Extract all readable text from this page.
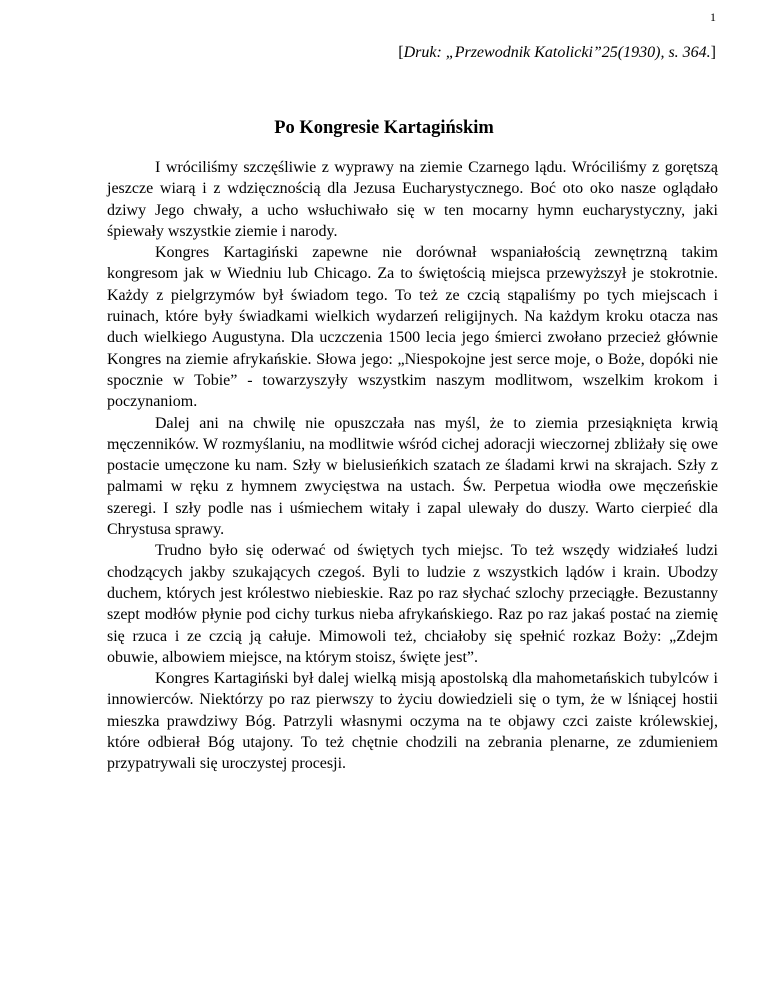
1
[Druk: „Przewodnik Katolicki”25(1930), s. 364.]
Po Kongresie Kartagińskim

I wróciliśmy szczęśliwie z wyprawy na ziemie Czarnego lądu. Wróciliśmy z gorętszą jeszcze wiarą i z wdzięcznością dla Jezusa Eucharystycznego. Boć oto oko nasze oglądało dziwy Jego chwały, a ucho wsłuchiwało się w ten mocarny hymn eucharystyczny, jaki śpiewały wszystkie ziemie i narody.

Kongres Kartagiński zapewne nie dorównał wspaniałością zewnętrzną takim kongresom jak w Wiedniu lub Chicago. Za to świętością miejsca przewyższył je stokrotnie. Każdy z pielgrzymów był świadom tego. To też ze czcią stąpaliśmy po tych miejscach i ruinach, które były świadkami wielkich wydarzeń religijnych. Na każdym kroku otacza nas duch wielkiego Augustyna. Dla uczczenia 1500 lecia jego śmierci zwołano przecież głównie Kongres na ziemie afrykańskie. Słowa jego: „Niespokojne jest serce moje, o Boże, dopóki nie spocznie w Tobie” - towarzyszyły wszystkim naszym modlitwom, wszelkim krokom i poczynaniom.

Dalej ani na chwilę nie opuszczała nas myśl, że to ziemia przesiąknięta krwią męczenników. W rozmyślaniu, na modlitwie wśród cichej adoracji wieczornej zbliżały się owe postacie umęczone ku nam. Szły w bielusieńkich szatach ze śladami krwi na skrajach. Szły z palmami w ręku z hymnem zwycięstwa na ustach. Św. Perpetua wiodła owe męczeńskie szeregi. I szły podle nas i uśmiechem witały i zapal ulewały do duszy. Warto cierpieć dla Chrystusa sprawy.

Trudno było się oderwać od świętych tych miejsc. To też wszędy widziałeś ludzi chodzących jakby szukających czegoś. Byli to ludzie z wszystkich lądów i krain. Ubodzy duchem, których jest królestwo niebieskie. Raz po raz słychać szlochy przeciągłe. Bezustanny szept modłów płynie pod cichy turkus nieba afrykańskiego. Raz po raz jakaś postać na ziemię się rzuca i ze czcią ją całuje. Mimowoli też, chciałoby się spełnić rozkaz Boży: „Zdejm obuwie, albowiem miejsce, na którym stoisz, święte jest”.

Kongres Kartagiński był dalej wielką misją apostolską dla mahometańskich tubylców i innowierców. Niektórzy po raz pierwszy to życiu dowiedzieli się o tym, że w lśniącej hostii mieszka prawdziwy Bóg. Patrzyli własnymi oczyma na te objawy czci zaiste królewskiej, które odbierał Bóg utajony. To też chętnie chodzili na zebrania plenarne, ze zdumieniem przypatrywali się uroczystej procesji.
